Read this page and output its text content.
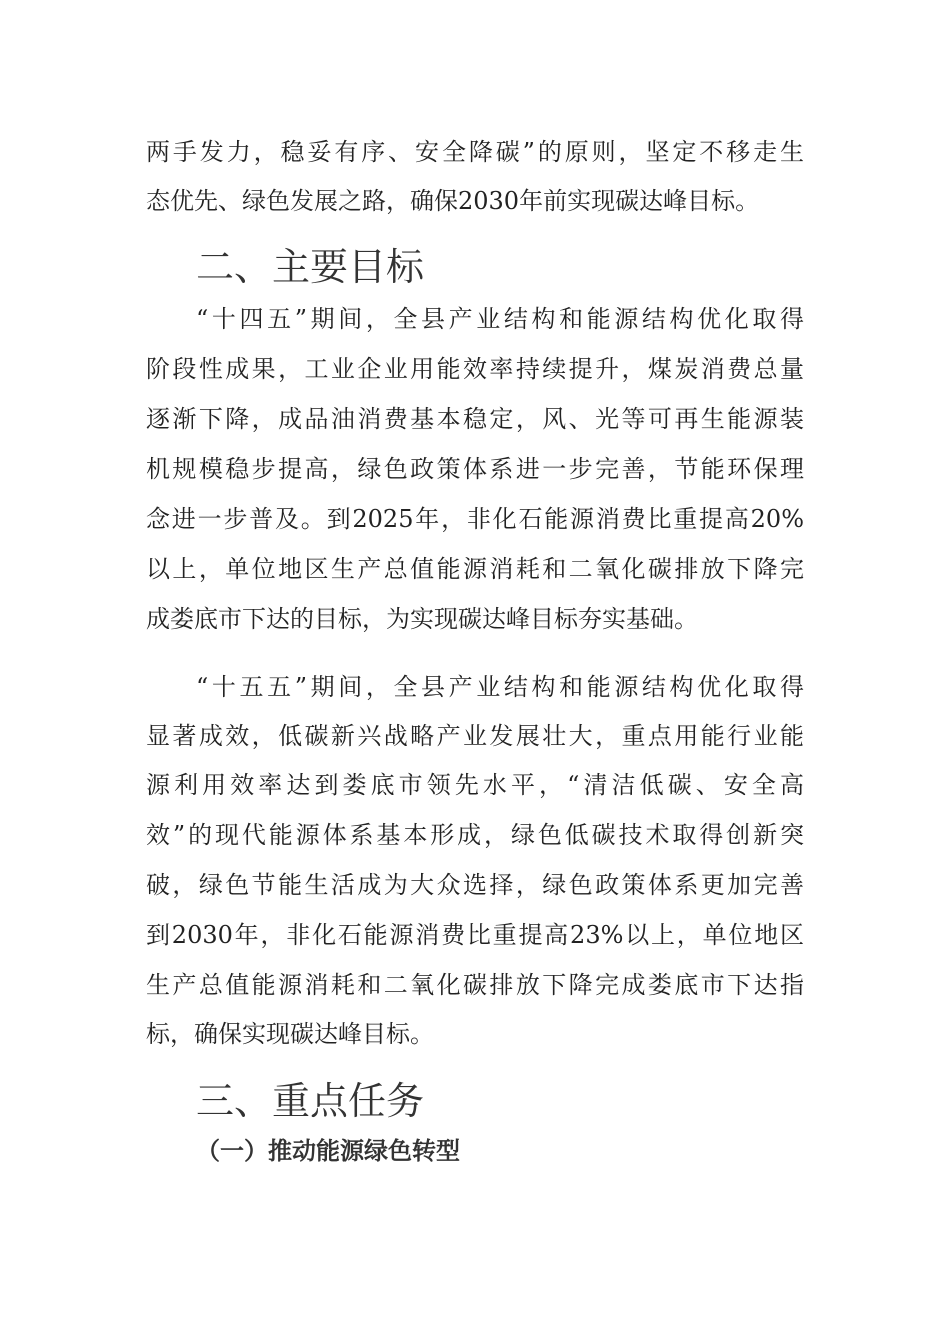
两手发力，稳妥有序、安全降碳”的原则，坚定不移走生
态优先、绿色发展之路，确保2030年前实现碳达峰目标。
二、主要目标
“十四五”期间，全县产业结构和能源结构优化取得
阶段性成果，工业企业用能效率持续提升，煤炭消费总量
逐渐下降，成品油消费基本稳定，风、光等可再生能源装
机规模稳步提高，绿色政策体系进一步完善，节能环保理
念进一步普及。到2025年，非化石能源消费比重提高20%
以上，单位地区生产总值能源消耗和二氧化碳排放下降完
成娄底市下达的目标，为实现碳达峰目标夯实基础。
“十五五”期间，全县产业结构和能源结构优化取得
显著成效，低碳新兴战略产业发展壮大，重点用能行业能
源利用效率达到娄底市领先水平，“清洁低碳、安全高
效”的现代能源体系基本形成，绿色低碳技术取得创新突
破，绿色节能生活成为大众选择，绿色政策体系更加完善
到2030年，非化石能源消费比重提高23%以上，单位地区
生产总值能源消耗和二氧化碳排放下降完成娄底市下达指
标，确保实现碳达峰目标。
三、重点任务
（一）推动能源绿色转型
